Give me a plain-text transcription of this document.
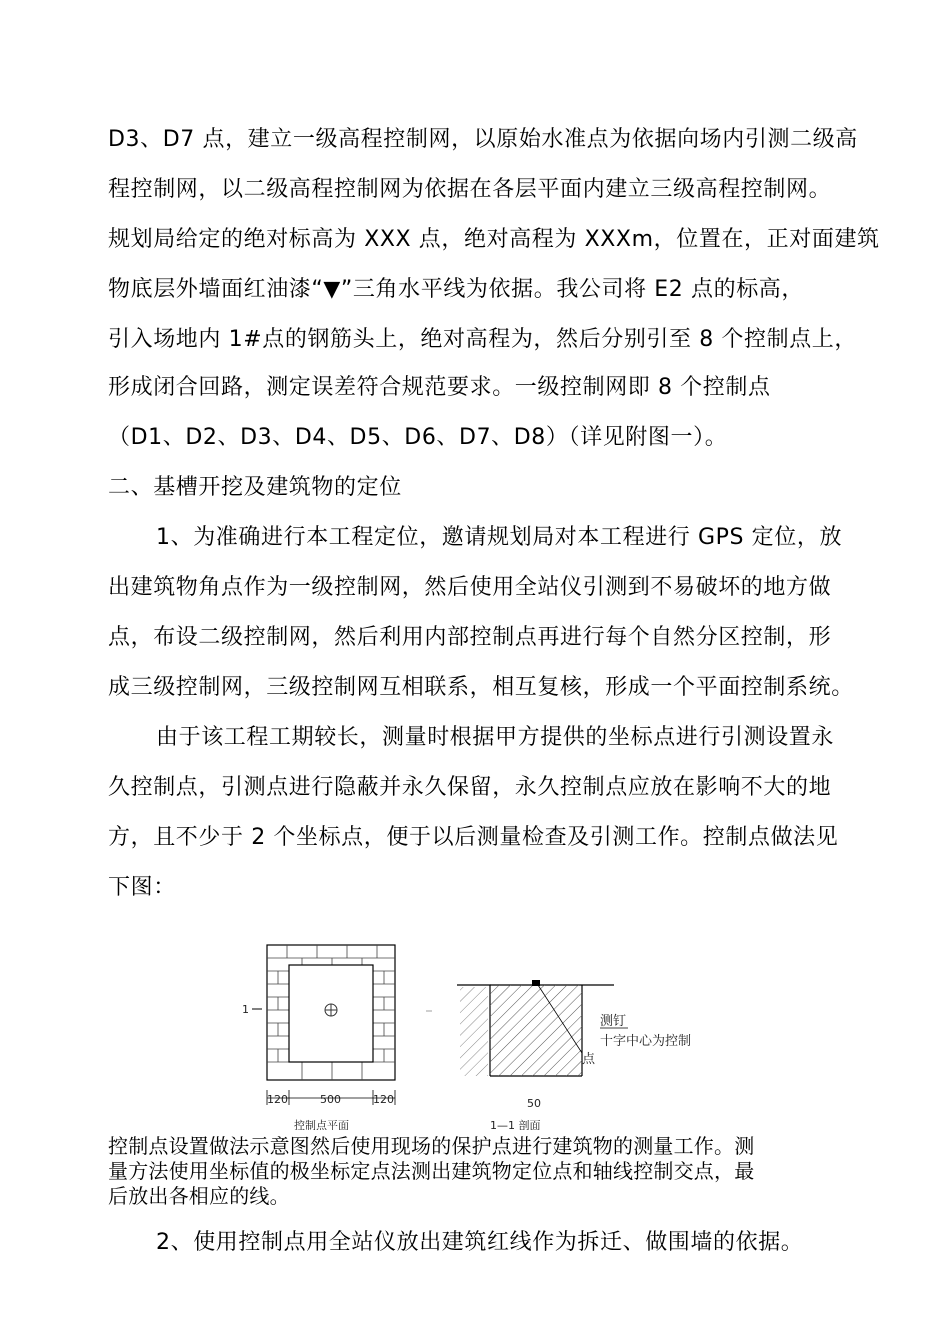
D3、D7 点，建立一级高程控制网，以原始水准点为依据向场内引测二级高
程控制网，以二级高程控制网为依据在各层平面内建立三级高程控制网。
规划局给定的绝对标高为 XXX 点，绝对高程为 XXXm，位置在，正对面建筑
物底层外墙面红油漆“▼”三角水平线为依据。我公司将 E2 点的标高，
引入场地内 1#点的钢筋头上，绝对高程为，然后分别引至 8 个控制点上，
形成闭合回路，测定误差符合规范要求。一级控制网即 8 个控制点
（D1、D2、D3、D4、D5、D6、D7、D8）（详见附图一）。
二、基槽开挖及建筑物的定位
1、为准确进行本工程定位，邀请规划局对本工程进行 GPS 定位，放
出建筑物角点作为一级控制网，然后使用全站仪引测到不易破坏的地方做
点，布设二级控制网，然后利用内部控制点再进行每个自然分区控制，形
成三级控制网，三级控制网互相联系，相互复核，形成一个平面控制系统。
由于该工程工期较长，测量时根据甲方提供的坐标点进行引测设置永
久控制点，引测点进行隐蔽并永久保留，永久控制点应放在影响不大的地
方，且不少于 2 个坐标点，便于以后测量检查及引测工作。控制点做法见
下图：
1
120	500	120
控制点平面
测钉
十字中心为控制
点
50
1—1 剖面
控制点设置做法示意图然后使用现场的保护点进行建筑物的测量工作。测
量方法使用坐标值的极坐标定点法测出建筑物定位点和轴线控制交点，最
后放出各相应的线。
2、使用控制点用全站仪放出建筑红线作为拆迁、做围墙的依据。
